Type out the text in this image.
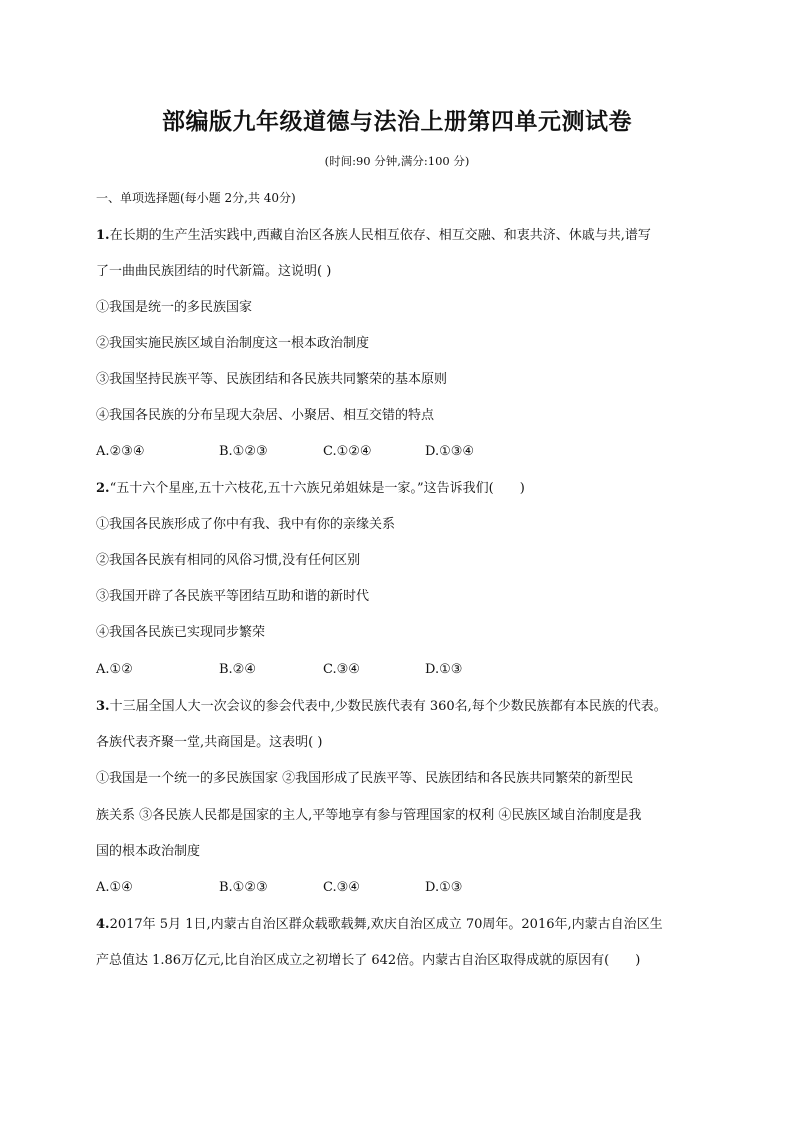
部编版九年级道德与法治上册第四单元测试卷
(时间:90 分钟,满分:100 分)
一、单项选择题(每小题 2分,共 40分)
1.在长期的生产生活实践中,西藏自治区各族人民相互依存、相互交融、和衷共济、休戚与共,谱写
了一曲曲民族团结的时代新篇。这说明( )
①我国是统一的多民族国家
②我国实施民族区域自治制度这一根本政治制度
③我国坚持民族平等、民族团结和各民族共同繁荣的基本原则
④我国各民族的分布呈现大杂居、小聚居、相互交错的特点
A.②③④	B.①②③	C.①②④	D.①③④
2.“五十六个星座,五十六枝花,五十六族兄弟姐妹是一家。”这告诉我们(　　)
①我国各民族形成了你中有我、我中有你的亲缘关系
②我国各民族有相同的风俗习惯,没有任何区别
③我国开辟了各民族平等团结互助和谐的新时代
④我国各民族已实现同步繁荣
A.①②	B.②④	C.③④	D.①③
3.十三届全国人大一次会议的参会代表中,少数民族代表有 360名,每个少数民族都有本民族的代表。
各族代表齐聚一堂,共商国是。这表明( )
①我国是一个统一的多民族国家 ②我国形成了民族平等、民族团结和各民族共同繁荣的新型民
族关系 ③各民族人民都是国家的主人,平等地享有参与管理国家的权利 ④民族区域自治制度是我
国的根本政治制度
A.①④	B.①②③	C.③④	D.①③
4.2017年 5月 1日,内蒙古自治区群众载歌载舞,欢庆自治区成立 70周年。2016年,内蒙古自治区生
产总值达 1.86万亿元,比自治区成立之初增长了 642倍。内蒙古自治区取得成就的原因有(　　)
